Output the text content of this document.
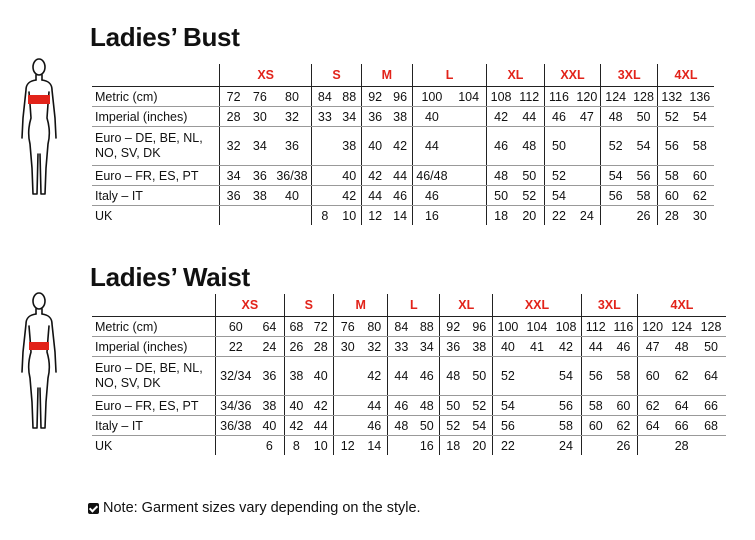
Ladies’ Bust
	XS			S		M		L		XL		XXL		3XL		4XL	
Metric (cm)	72	76	80	84	88	92	96	100	104	108	112	116	120	124	128	132	136
Imperial (inches)	28	30	32	33	34	36	38	40		42	44	46	47	48	50	52	54
Euro – DE, BE, NL, NO, SV, DK	32	34	36		38	40	42	44		46	48	50		52	54	56	58
Euro – FR, ES, PT	34	36	36/38		40	42	44	46/48		48	50	52		54	56	58	60
Italy – IT	36	38	40		42	44	46	46		50	52	54		56	58	60	62
UK				8	10	12	14	16		18	20	22	24		26	28	30
Ladies’ Waist
	XS		S		M		L		XL		XXL			3XL		4XL		
Metric (cm)	60	64	68	72	76	80	84	88	92	96	100	104	108	112	116	120	124	128
Imperial (inches)	22	24	26	28	30	32	33	34	36	38	40	41	42	44	46	47	48	50
Euro – DE, BE, NL, NO, SV, DK	32/34	36	38	40		42	44	46	48	50	52		54	56	58	60	62	64
Euro – FR, ES, PT	34/36	38	40	42		44	46	48	50	52	54		56	58	60	62	64	66
Italy – IT	36/38	40	42	44		46	48	50	52	54	56		58	60	62	64	66	68
UK		6	8	10	12	14		16	18	20	22		24		26		28	
Note: Garment sizes vary depending on the style.
